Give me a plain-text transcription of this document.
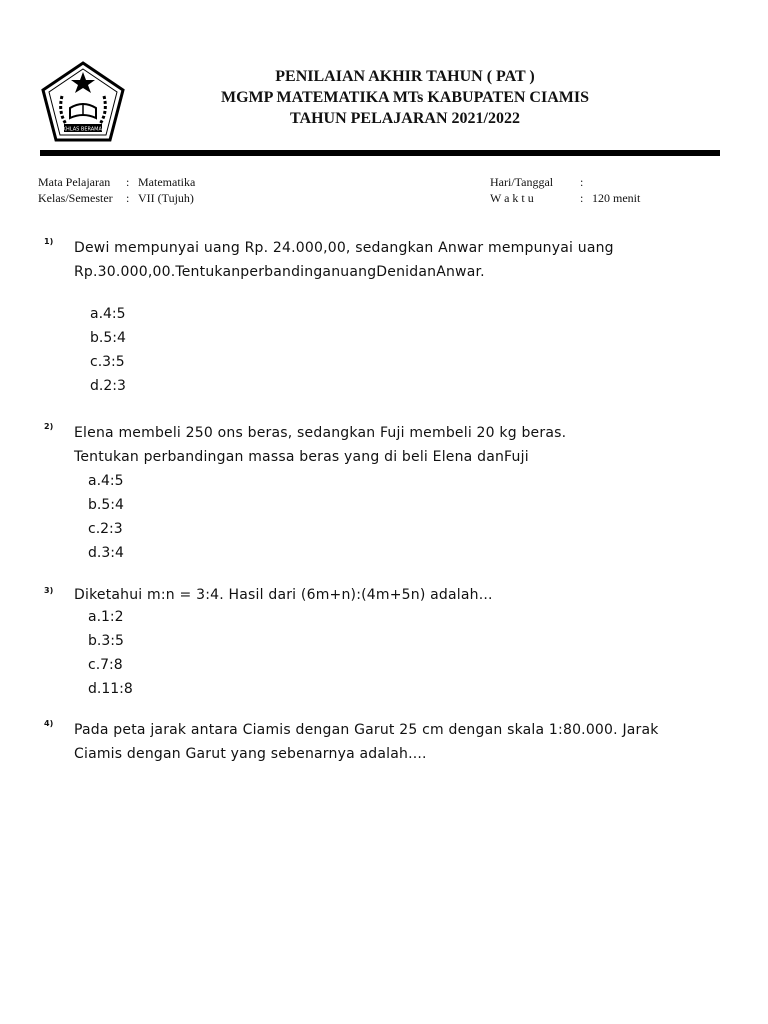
IKHLAS BERAMAL
PENILAIAN AKHIR TAHUN ( PAT )
MGMP MATEMATIKA MTs KABUPATEN CIAMIS
TAHUN PELAJARAN 2021/2022
Mata Pelajaran	: Matematika
Kelas/Semester	: VII (Tujuh)
Hari/Tanggal	:
W a k t u	: 120 menit
1) Dewi mempunyai uang Rp. 24.000,00, sedangkan Anwar mempunyai uang
Rp.30.000,00.TentukanperbandinganuangDenidanAnwar.
a.4:5
b.5:4
c.3:5
d.2:3
2) Elena membeli 250 ons beras, sedangkan Fuji membeli 20 kg beras.
Tentukan perbandingan massa beras yang di beli Elena danFuji
a.4:5
b.5:4
c.2:3
d.3:4
3) Diketahui m:n = 3:4. Hasil dari (6m+n):(4m+5n) adalah...
a.1:2
b.3:5
c.7:8
d.11:8
4) Pada peta jarak antara Ciamis dengan Garut 25 cm dengan skala 1:80.000. Jarak
Ciamis dengan Garut yang sebenarnya adalah....
